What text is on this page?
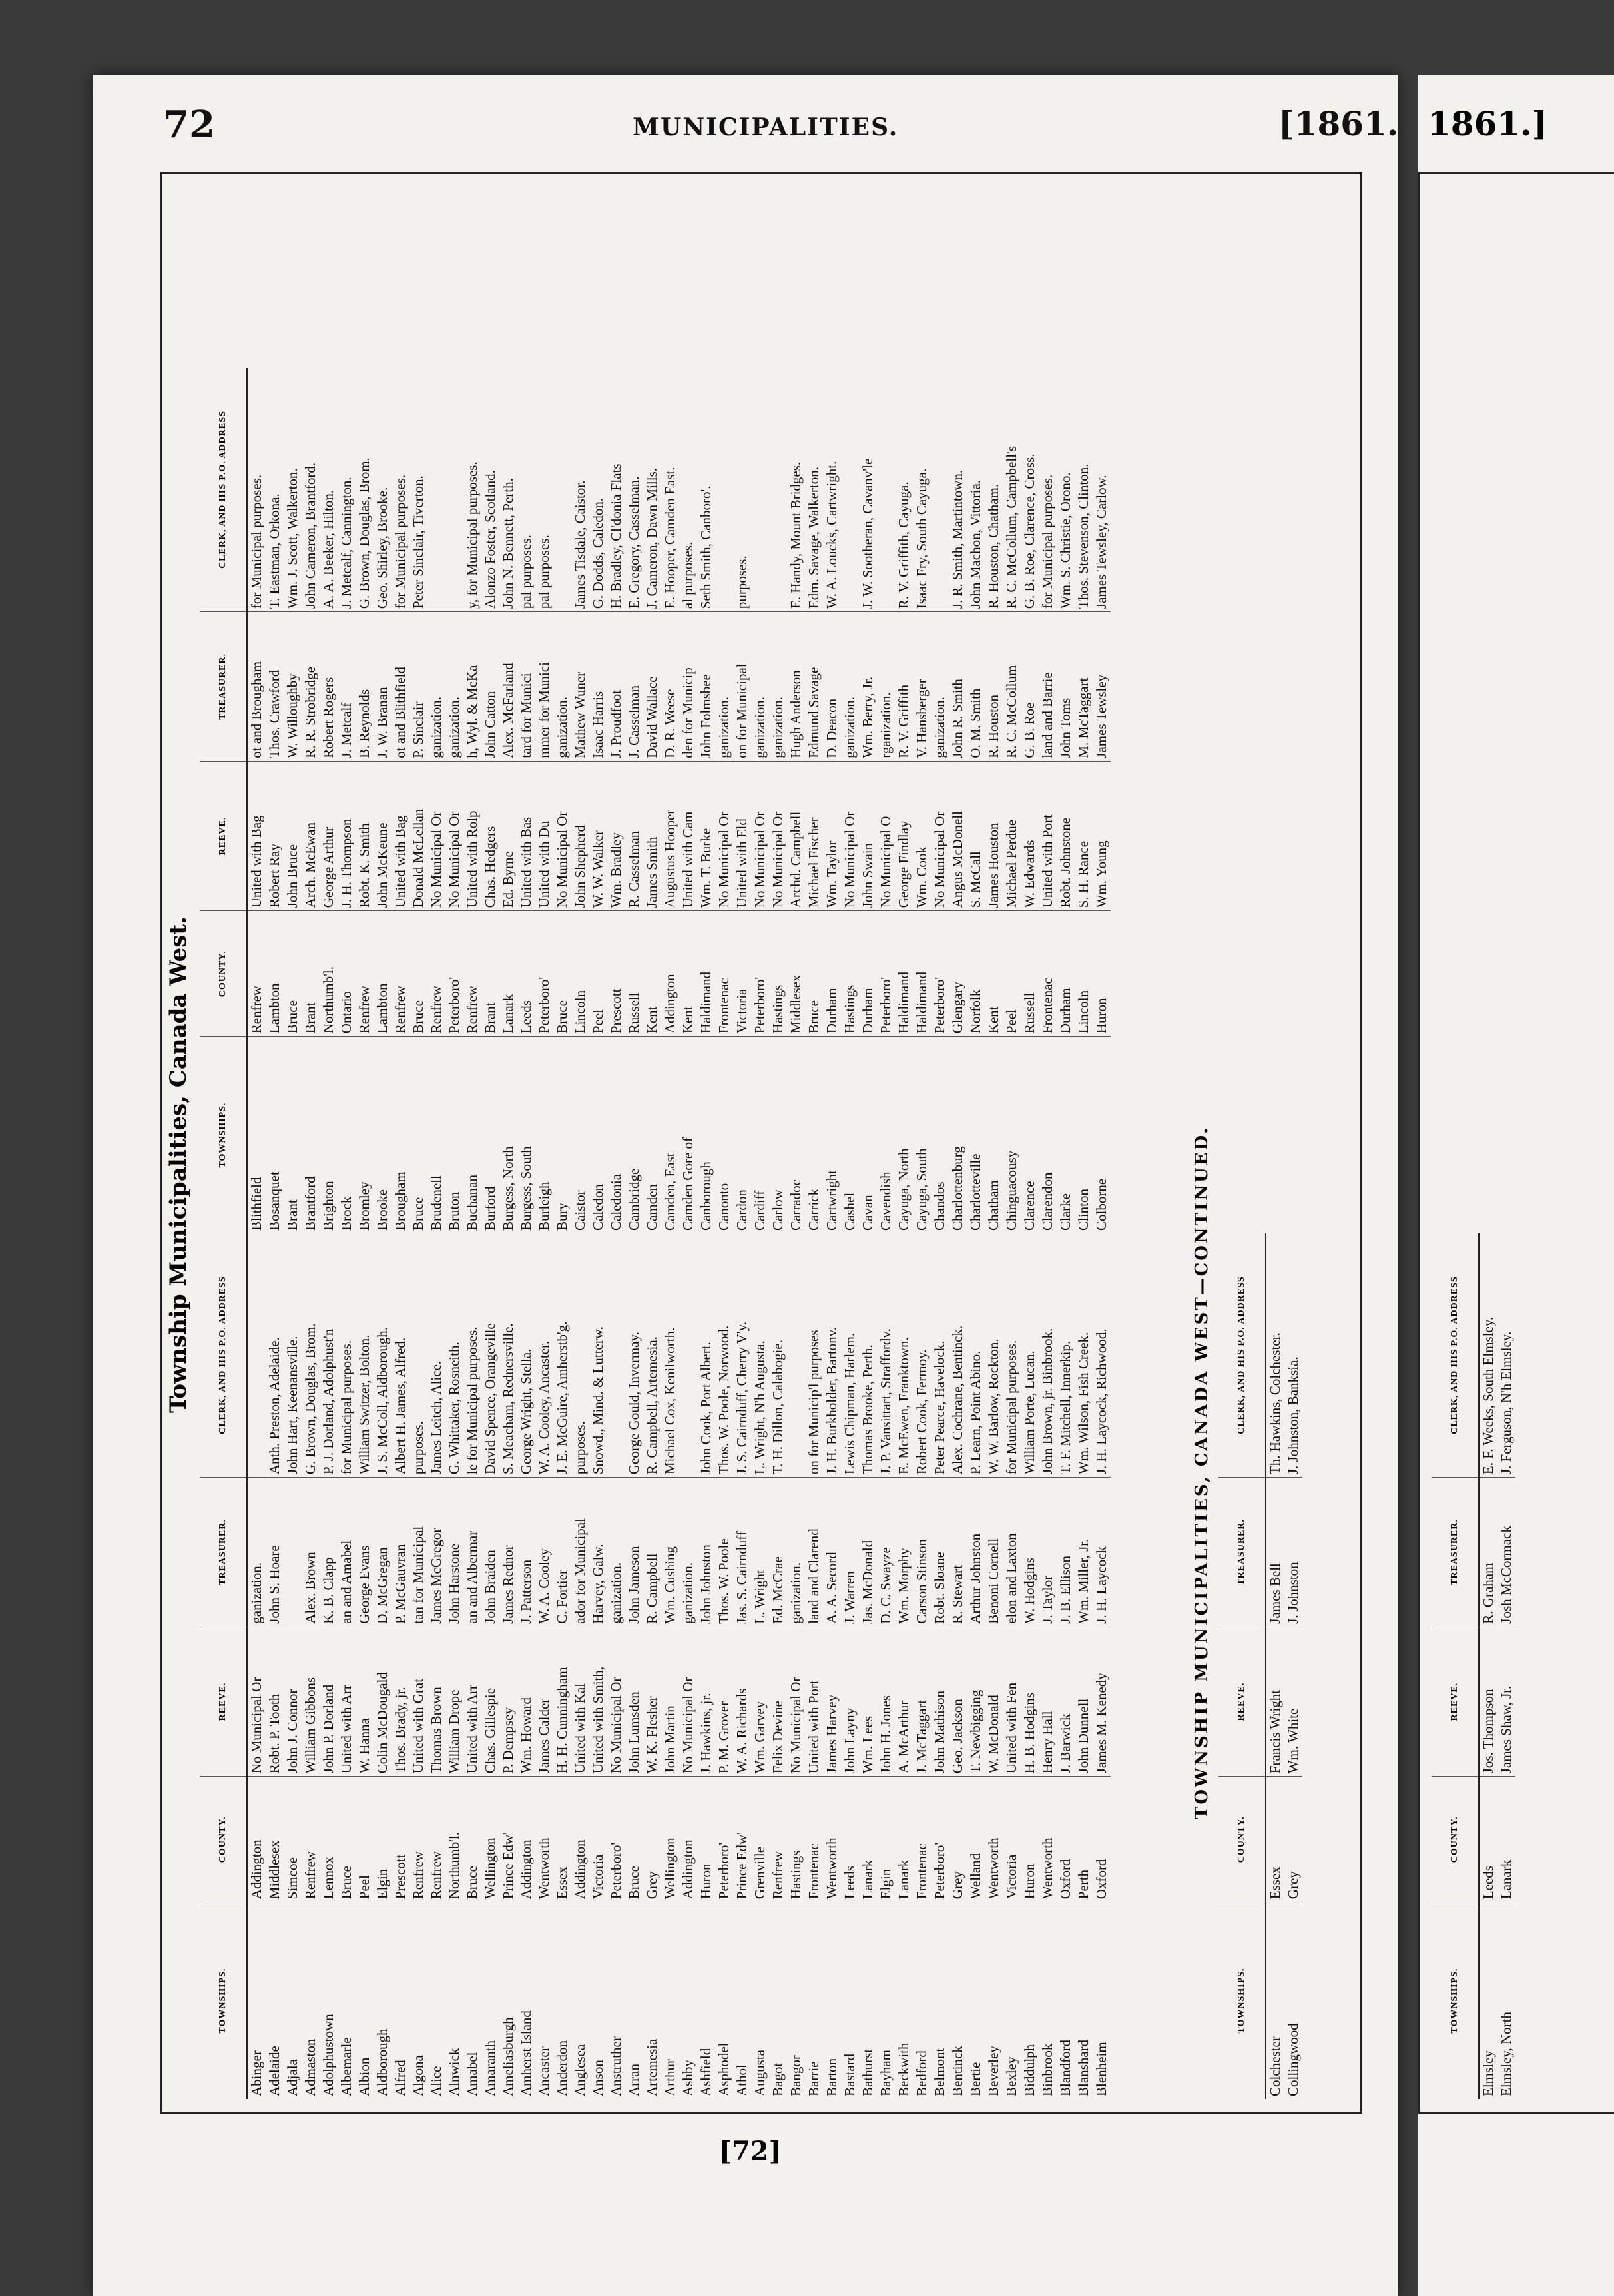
72	MUNICIPALITIES.	[1861.
Township Municipalities, Canada West.
TOWNSHIPS.	COUNTY.	REEVE.	TREASURER.	CLERK, AND HIS P.O. ADDRESS
Abinger	Addington	No Municipal Or	ganization.	
Adelaide	Middlesex	Robt. P. Tooth	John S. Hoare	Anth. Preston, Adelaide.
Adjala	Simcoe	John J. Connor		John Hart, Keenansville.
Admaston	Renfrew	William Gibbons	Alex. Brown	G. Brown, Douglas, Brom.
Adolphustown	Lennox	John P. Dorland	K. B. Clapp	P. J. Dorland, Adolphust'n
Albemarle	Bruce	United with Arr	an and Amabel	for Municipal purposes.
Albion	Peel	W. Hanna	George Evans	William Switzer, Bolton.
Aldborough	Elgin	Colin McDougald	D. McGregan	J. S. McColl, Aldborough.
Alfred	Prescott	Thos. Brady, jr.	P. McGauvran	Albert H. James, Alfred.
Algona	Renfrew	United with Grat	tan for Municipal	purposes.
Alice	Renfrew	Thomas Brown	James McGregor	James Leitch, Alice.
Alnwick	Northumb'l.	William Drope	John Harstone	G. Whittaker, Rosneith.
Amabel	Bruce	United with Arr	an and Albermar	le for Municipal purposes.
Amaranth	Wellington	Chas. Gillespie	John Braiden	David Spence, Orangeville
Ameliasburgh	Prince Edw'	P. Dempsey	James Rednor	S. Meacham, Rednersville.
Amherst Island	Addington	Wm. Howard	J. Patterson	George Wright, Stella.
Ancaster	Wentworth	James Calder	W. A. Cooley	W. A. Cooley, Ancaster.
Anderdon	Essex	H. H. Cunningham	C. Fortier	J. E. McGuire, Amherstb'g.
Anglesea	Addington	United with Kal	ador for Municipal	purposes.
Anson	Victoria	United with Smith,	Harvey, Galw.	Snowd., Mind. & Lutterw.
Anstruther	Peterboro'	No Municipal Or	ganization.	
Arran	Bruce	John Lumsden	John Jameson	George Gould, Invermay.
Artemesia	Grey	W. K. Flesher	R. Campbell	R. Campbell, Artemesia.
Arthur	Wellington	John Martin	Wm. Cushing	Michael Cox, Kenilworth.
Ashby	Addington	No Municipal Or	ganization.	
Ashfield	Huron	J. Hawkins, jr.	John Johnston	John Cook, Port Albert.
Asphodel	Peterboro'	P. M. Grover	Thos. W. Poole	Thos. W. Poole, Norwood.
Athol	Prince Edw'	W. A. Richards	Jas. S. Cairnduff	J. S. Cairnduff, Cherry V'y.
Augusta	Grenville	Wm. Garvey	L. Wright	L. Wright, N'h Augusta.
Bagot	Renfrew	Felix Devine	Ed. McCrae	T. H. Dillon, Calabogie.
Bangor	Hastings	No Municipal Or	ganization.	
Barrie	Frontenac	United with Port	land and Clarend	on for Municip'l purposes
Barton	Wentworth	James Harvey	A. A. Secord	J. H. Burkholder, Bartonv.
Bastard	Leeds	John Layny	J. Warren	Lewis Chipman, Harlem.
Bathurst	Lanark	Wm. Lees	Jas. McDonald	Thomas Brooke, Perth.
Bayham	Elgin	John H. Jones	D. C. Swayze	J. P. Vansittart, Straffordv.
Beckwith	Lanark	A. McArthur	Wm. Morphy	E. McEwen, Franktown.
Bedford	Frontenac	J. McTaggart	Carson Stinson	Robert Cook, Fermoy.
Belmont	Peterboro'	John Mathison	Robt. Sloane	Peter Pearce, Havelock.
Bentinck	Grey	Geo. Jackson	R. Stewart	Alex. Cochrane, Bentinck.
Bertie	Welland	T. Newbigging	Arthur Johnston	P. Learn, Point Abino.
Beverley	Wentworth	W. McDonald	Benoni Cornell	W. W. Barlow, Rockton.
Bexley	Victoria	United with Fen	elon and Laxton	for Municipal purposes.
Biddulph	Huron	H. B. Hodgins	W. Hodgins	William Porte, Lucan.
Binbrook	Wentworth	Henry Hall	J. Taylor	John Brown, jr. Binbrook.
Blandford	Oxford	J. Barwick	J. B. Ellison	T. F. Mitchell, Innerkip.
Blanshard	Perth	John Dunnell	Wm. Miller, Jr.	Wm. Wilson, Fish Creek.
Blenheim	Oxford	James M. Kenedy	J. H. Laycock	J. H. Laycock, Richwood.
TOWNSHIPS.	COUNTY.	REEVE.	TREASURER.	CLERK, AND HIS P.O. ADDRESS
Blithfield	Renfrew	United with Bag	ot and Brougham	for Municipal purposes.
Bosanquet	Lambton	Robert Ray	Thos. Crawford	T. Eastman, Orkona.
Brant	Bruce	John Bruce	W. Willoughby	Wm. J. Scott, Walkerton.
Brantford	Brant	Arch. McEwan	R. R. Strobridge	John Cameron, Brantford.
Brighton	Northumb'l.	George Arthur	Robert Rogers	A. A. Beeker, Hilton.
Brock	Ontario	J. H. Thompson	J. Metcalf	J. Metcalf, Cannington.
Bromley	Renfrew	Robt. K. Smith	B. Reynolds	G. Brown, Douglas, Brom.
Brooke	Lambton	John McKeune	J. W. Branan	Geo. Shirley, Brooke.
Brougham	Renfrew	United with Bag	ot and Blithfield	for Municipal purposes.
Bruce	Bruce	Donald McLellan	P. Sinclair	Peter Sinclair, Tiverton.
Brudenell	Renfrew	No Municipal Or	ganization.	
Bruton	Peterboro'	No Municipal Or	ganization.	
Buchanan	Renfrew	United with Rolp	h, Wyl. & McKa	y, for Municipal purposes.
Burford	Brant	Chas. Hedgers	John Catton	Alonzo Foster, Scotland.
Burgess, North	Lanark	Ed. Byrne	Alex. McFarland	John N. Bennett, Perth.
Burgess, South	Leeds	United with Bas	tard for Munici	pal purposes.
Burleigh	Peterboro'	United with Du	mmer for Munici	pal purposes.
Bury	Bruce	No Municipal Or	ganization.	
Caistor	Lincoln	John Shepherd	Mathew Wuner	James Tisdale, Caistor.
Caledon	Peel	W. W. Walker	Isaac Harris	G. Dodds, Caledon.
Caledonia	Prescott	Wm. Bradley	J. Proudfoot	H. Bradley, Cl'donia Flats
Cambridge	Russell	R. Casselman	J. Casselman	E. Gregory, Casselman.
Camden	Kent	James Smith	David Wallace	J. Cameron, Dawn Mills.
Camden, East	Addington	Augustus Hooper	D. R. Weese	E. Hooper, Camden East.
Camden Gore of	Kent	United with Cam	den for Municip	al purposes.
Canborough	Haldimand	Wm. T. Burke	John Folmsbee	Seth Smith, Canboro'.
Canonto	Frontenac	No Municipal Or	ganization.	
Cardon	Victoria	United with Eld	on for Municipal	purposes.
Cardiff	Peterboro'	No Municipal Or	ganization.	
Carlow	Hastings	No Municipal Or	ganization.	
Carradoc	Middlesex	Archd. Campbell	Hugh Anderson	E. Handy, Mount Bridges.
Carrick	Bruce	Michael Fischer	Edmund Savage	Edm. Savage, Walkerton.
Cartwright	Durham	Wm. Taylor	D. Deacon	W. A. Loucks, Cartwright.
Cashel	Hastings	No Municipal Or	ganization.	
Cavan	Durham	John Swain	Wm. Berry, Jr.	J. W. Sootheran, Cavanv'le
Cavendish	Peterboro'	No Municipal O	rganization.	
Cayuga, North	Haldimand	George Findlay	R. V. Griffith	R. V. Griffith, Cayuga.
Cayuga, South	Haldimand	Wm. Cook	V. Hansberger	Isaac Fry, South Cayuga.
Chandos	Peterboro'	No Municipal Or	ganization.	
Charlottenburg	Glengary	Angus McDonell	John R. Smith	J. R. Smith, Martintown.
Charlotteville	Norfolk	S. McCall	O. M. Smith	John Machon, Vittoria.
Chatham	Kent	James Houston	R. Houston	R. Houston, Chatham.
Chinguacousy	Peel	Michael Perdue	R. C. McCollum	R. C. McCollum, Campbell's
Clarence	Russell	W. Edwards	G. B. Roe	G. B. Roe, Clarence, Cross.
Clarendon	Frontenac	United with Port	land and Barrie	for Municipal purposes.
Clarke	Durham	Robt. Johnstone	John Toms	Wm. S. Christie, Orono.
Clinton	Lincoln	S. H. Rance	M. McTaggart	Thos. Stevenson, Clinton.
Colborne	Huron	Wm. Young	James Tewsley	James Tewsley, Carlow.
TOWNSHIP MUNICIPALITIES, CANADA WEST—CONTINUED.
TOWNSHIPS.	COUNTY.	REEVE.	TREASURER.	CLERK, AND HIS P.O. ADDRESS
Colchester	Essex	Francis Wright	James Bell	Th. Hawkins, Colchester.
Collingwood	Grey	Wm. White	J. Johnston	J. Johnston, Banksia.
[72]
1861.]
TOWNSHIPS.	COUNTY.	REEVE.	TREASURER.	CLERK, AND HIS P.O. ADDRESS
Elmsley	Leeds	Jos. Thompson	R. Graham	E. F. Weeks, South Elmsley.
Elmsley, North	Lanark	James Shaw, Jr.	Josh McCormack	J. Ferguson, N'h Elmsley.
